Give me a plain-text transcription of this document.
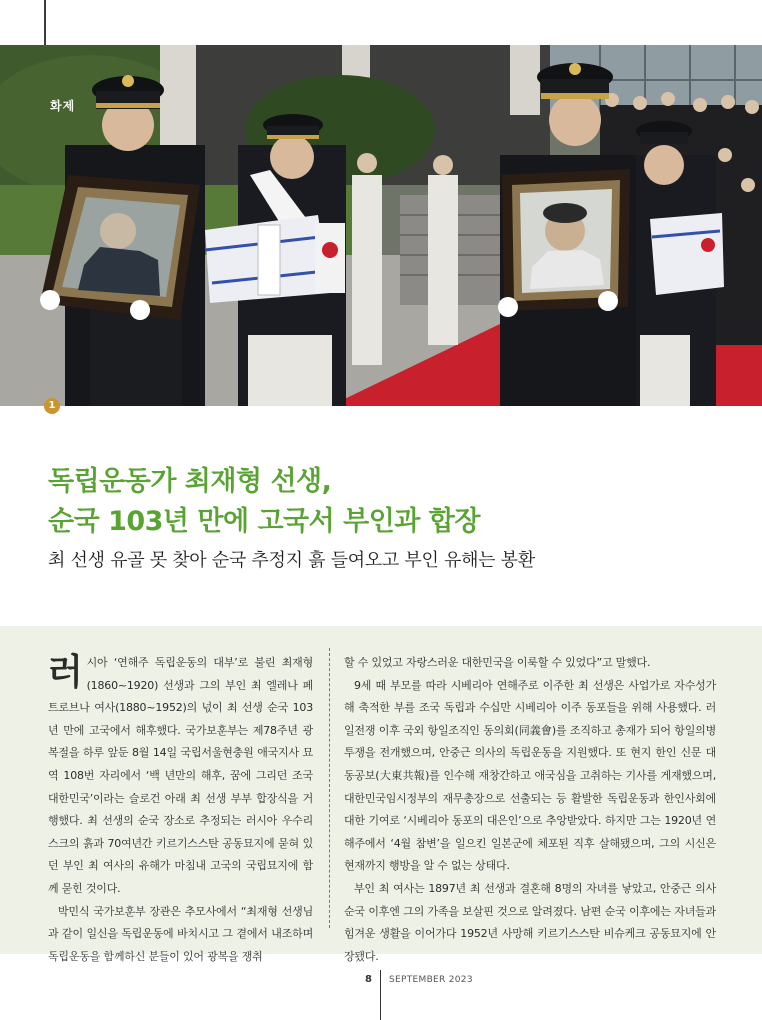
화제
1
독립운동가 최재형 선생,
순국 103년 만에 고국서 부인과 합장
최 선생 유골 못 찾아 순국 추정지 흙 들여오고 부인 유해는 봉환

러시아 ‘연해주 독립운동의 대부’로 불린 최재형(1860~1920) 선생과 그의 부인 최 엘레나 페트로브나 여사(1880~1952)의 넋이 최 선생 순국 103년 만에 고국에서 해후했다. 국가보훈부는 제78주년 광복절을 하루 앞둔 8월 14일 국립서울현충원 애국지사 묘역 108번 자리에서 ‘백 년만의 해후, 꿈에 그리던 조국 대한민국’이라는 슬로건 아래 최 선생 부부 합장식을 거행했다. 최 선생의 순국 장소로 추정되는 러시아 우수리스크의 흙과 70여년간 키르기스스탄 공동묘지에 묻혀 있던 부인 최 여사의 유해가 마침내 고국의 국립묘지에 함께 묻힌 것이다.

박민식 국가보훈부 장관은 추모사에서 “최재형 선생님과 같이 일신을 독립운동에 바치시고 그 곁에서 내조하며 독립운동을 함께하신 분들이 있어 광복을 쟁취

할 수 있었고 자랑스러운 대한민국을 이룩할 수 있었다”고 말했다.

9세 때 부모를 따라 시베리아 연해주로 이주한 최 선생은 사업가로 자수성가해 축적한 부를 조국 독립과 수십만 시베리아 이주 동포들을 위해 사용했다. 러일전쟁 이후 국외 항일조직인 동의회(同義會)를 조직하고 총재가 되어 항일의병투쟁을 전개했으며, 안중근 의사의 독립운동을 지원했다. 또 현지 한인 신문 대동공보(大東共報)를 인수해 재창간하고 애국심을 고취하는 기사를 게재했으며, 대한민국임시정부의 재무총장으로 선출되는 등 활발한 독립운동과 한인사회에 대한 기여로 ‘시베리아 동포의 대은인’으로 추앙받았다. 하지만 그는 1920년 연해주에서 ‘4월 참변’을 일으킨 일본군에 체포된 직후 살해됐으며, 그의 시신은 현재까지 행방을 알 수 없는 상태다.

부인 최 여사는 1897년 최 선생과 결혼해 8명의 자녀를 낳았고, 안중근 의사 순국 이후엔 그의 가족을 보살핀 것으로 알려졌다. 남편 순국 이후에는 자녀들과 힘겨운 생활을 이어가다 1952년 사망해 키르기스스탄 비슈케크 공동묘지에 안장됐다.

8 SEPTEMBER 2023
